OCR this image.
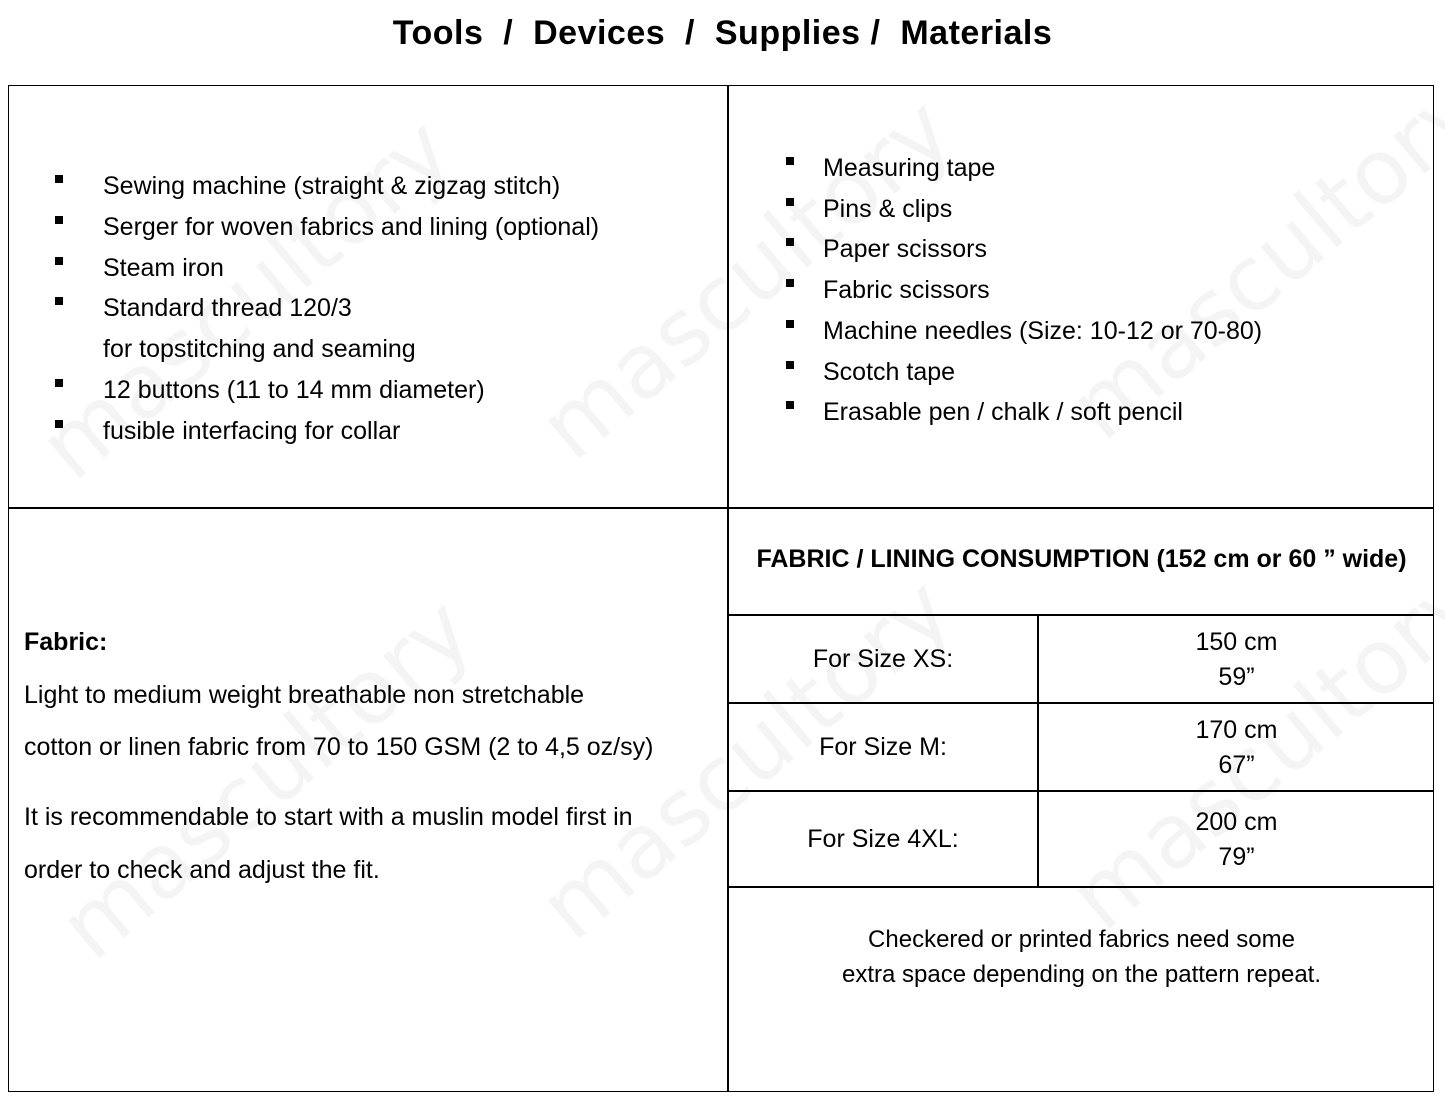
Tools  /  Devices  /  Supplies /  Materials
Sewing machine (straight & zigzag stitch)
Serger for woven fabrics and lining (optional)
Steam iron
Standard thread 120/3
for topstitching and seaming
12 buttons (11 to 14 mm diameter)
fusible interfacing for collar
Measuring tape
Pins & clips
Paper scissors
Fabric scissors
Machine needles (Size: 10-12 or 70-80)
Scotch tape
Erasable pen / chalk / soft pencil
Fabric:
Light to medium weight breathable non stretchable
cotton or linen fabric from 70 to 150 GSM (2 to 4,5 oz/sy)
It is recommendable to start with a muslin model first in
order to check and adjust the fit.
FABRIC / LINING CONSUMPTION (152 cm or 60 ” wide)
For Size XS:
150 cm
59”
For Size M:
170 cm
67”
For Size 4XL:
200 cm
79”
Checkered or printed fabrics need some
extra space depending on the pattern repeat.
